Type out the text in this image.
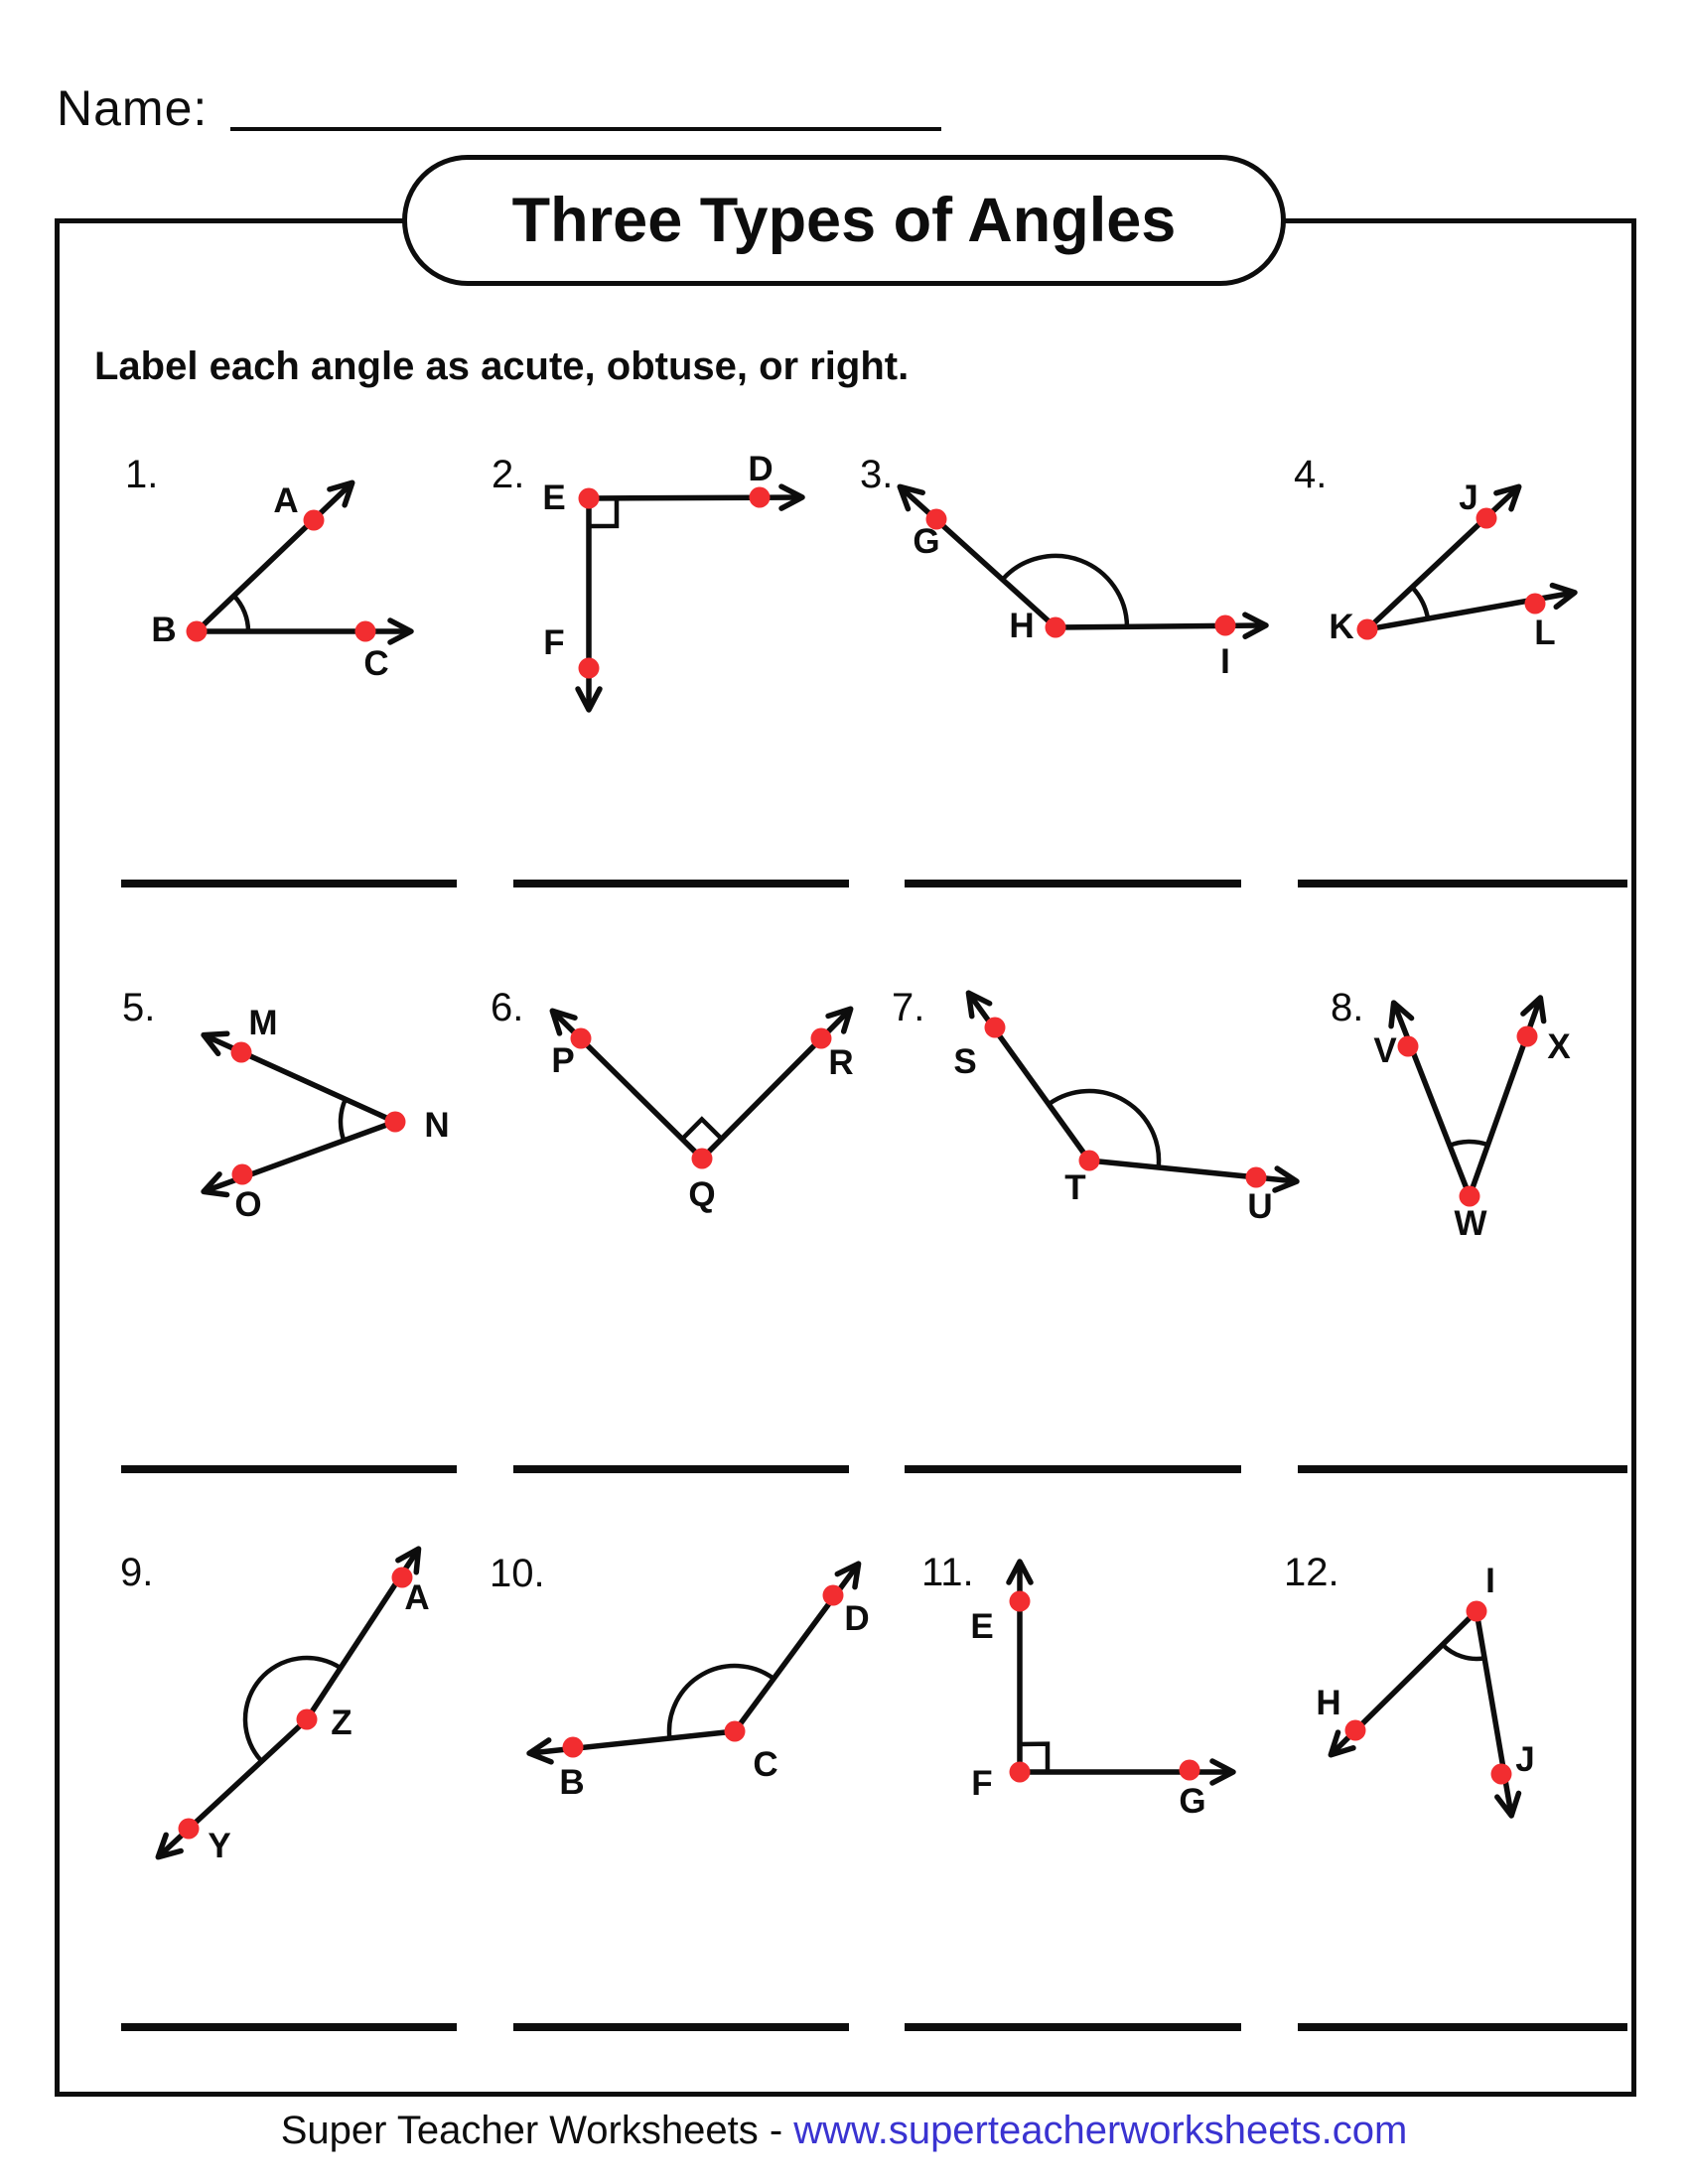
Name:
Three Types of Angles
Label each angle as acute, obtuse, or right.
1.
B
A
C
2.
E
D
F
3.
H
G
I
4.
K
J
L
5.
N
M
O
6.
Q
P	R
7.
T
S
U
8.
W
V	X
9.
Z
A
Y
10.
C
D
B
11.
F
E
G
12.	I
H
J
Super Teacher Worksheets - www.superteacherworksheets.com
